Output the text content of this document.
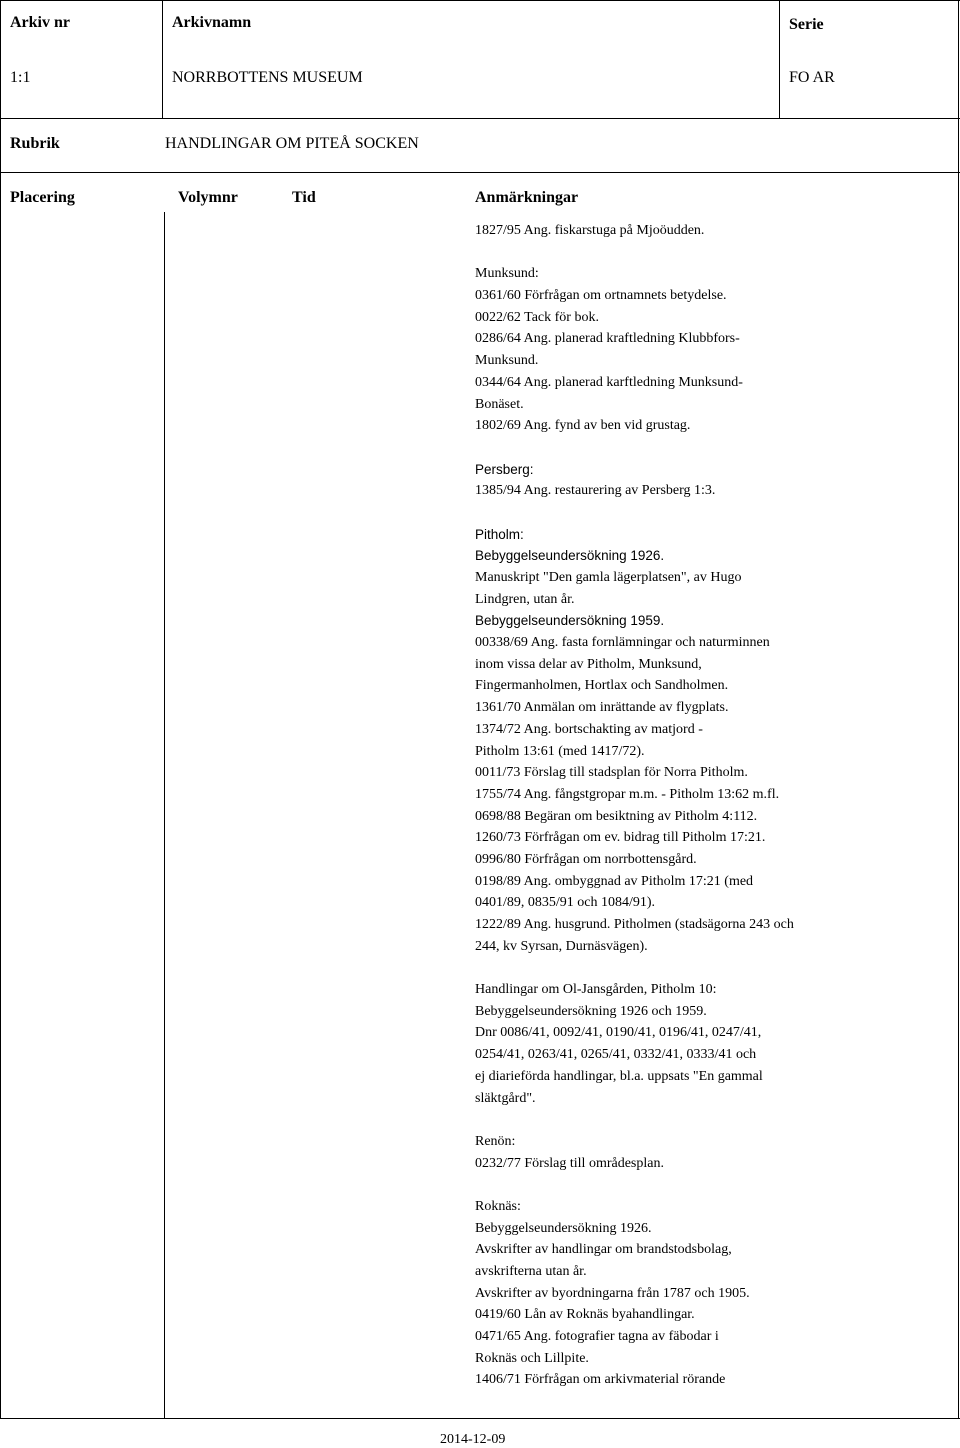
Arkiv nr	Arkivnamn	Serie
1:1	NORRBOTTENS MUSEUM	FO AR
Rubrik	HANDLINGAR OM PITEÅ SOCKEN
Placering	Volymnr	Tid	Anmärkningar
1827/95 Ang. fiskarstuga på Mjoöudden.
Munksund:
0361/60 Förfrågan om ortnamnets betydelse.
0022/62 Tack för bok.
0286/64 Ang. planerad kraftledning Klubbfors-
Munksund.
0344/64 Ang. planerad karftledning Munksund-
Bonäset.
1802/69 Ang. fynd av ben vid grustag.
Persberg:
1385/94 Ang. restaurering av Persberg 1:3.
Pitholm:
Bebyggelseundersökning 1926.
Manuskript "Den gamla lägerplatsen", av Hugo
Lindgren, utan år.
Bebyggelseundersökning 1959.
00338/69 Ang. fasta fornlämningar och naturminnen
inom vissa delar av Pitholm, Munksund,
Fingermanholmen, Hortlax och Sandholmen.
1361/70 Anmälan om inrättande av flygplats.
1374/72 Ang. bortschakting av matjord -
Pitholm 13:61 (med 1417/72).
0011/73 Förslag till stadsplan för Norra Pitholm.
1755/74 Ang. fångstgropar m.m. - Pitholm 13:62 m.fl.
0698/88 Begäran om besiktning av Pitholm 4:112.
1260/73 Förfrågan om ev. bidrag till Pitholm 17:21.
0996/80 Förfrågan om norrbottensgård.
0198/89 Ang. ombyggnad av Pitholm 17:21 (med
0401/89, 0835/91 och 1084/91).
1222/89 Ang. husgrund. Pitholmen (stadsägorna 243 och
244, kv Syrsan, Durnäsvägen).
Handlingar om Ol-Jansgården, Pitholm 10:
Bebyggelseundersökning 1926 och 1959.
Dnr 0086/41, 0092/41, 0190/41, 0196/41, 0247/41,
0254/41, 0263/41, 0265/41, 0332/41, 0333/41 och
ej diarieförda handlingar, bl.a. uppsats "En gammal
släktgård".
Renön:
0232/77 Förslag till områdesplan.
Roknäs:
Bebyggelseundersökning 1926.
Avskrifter av handlingar om brandstodsbolag,
avskrifterna utan år.
Avskrifter av byordningarna från 1787 och 1905.
0419/60 Lån av Roknäs byahandlingar.
0471/65 Ang. fotografier tagna av fäbodar i
Roknäs och Lillpite.
1406/71 Förfrågan om arkivmaterial rörande
2014-12-09
